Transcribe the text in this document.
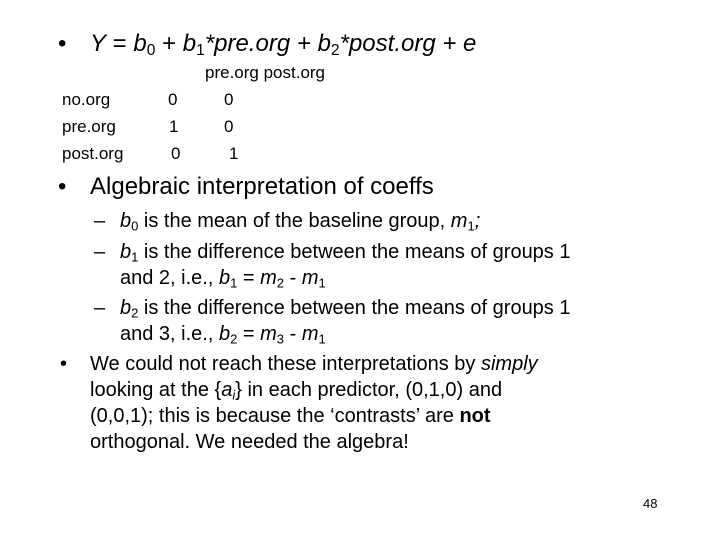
• $Y = b_0 + b_1*pre.org$ + $b_2*post.org + e$
pre.org post.org
no.org	0	0
pre.org	1	0
post.org	0	1
• Algebraic interpretation of coeffs
– $b_0$ is the mean of the baseline group, $m_1$;
– $b_1$ is the difference between the means of groups 1
and 2, i.e., $b_1 = m_2 - m_1$
– $b_2$ is the difference between the means of groups 1
and 3, i.e., $b_2 = m_3 - m_1$
• We could not reach these interpretations by simply
looking at the $\{a_i\}$ in each predictor, (0,1,0) and
(0,0,1); this is because the ‘contrasts’ are not
orthogonal. We needed the algebra!
48
